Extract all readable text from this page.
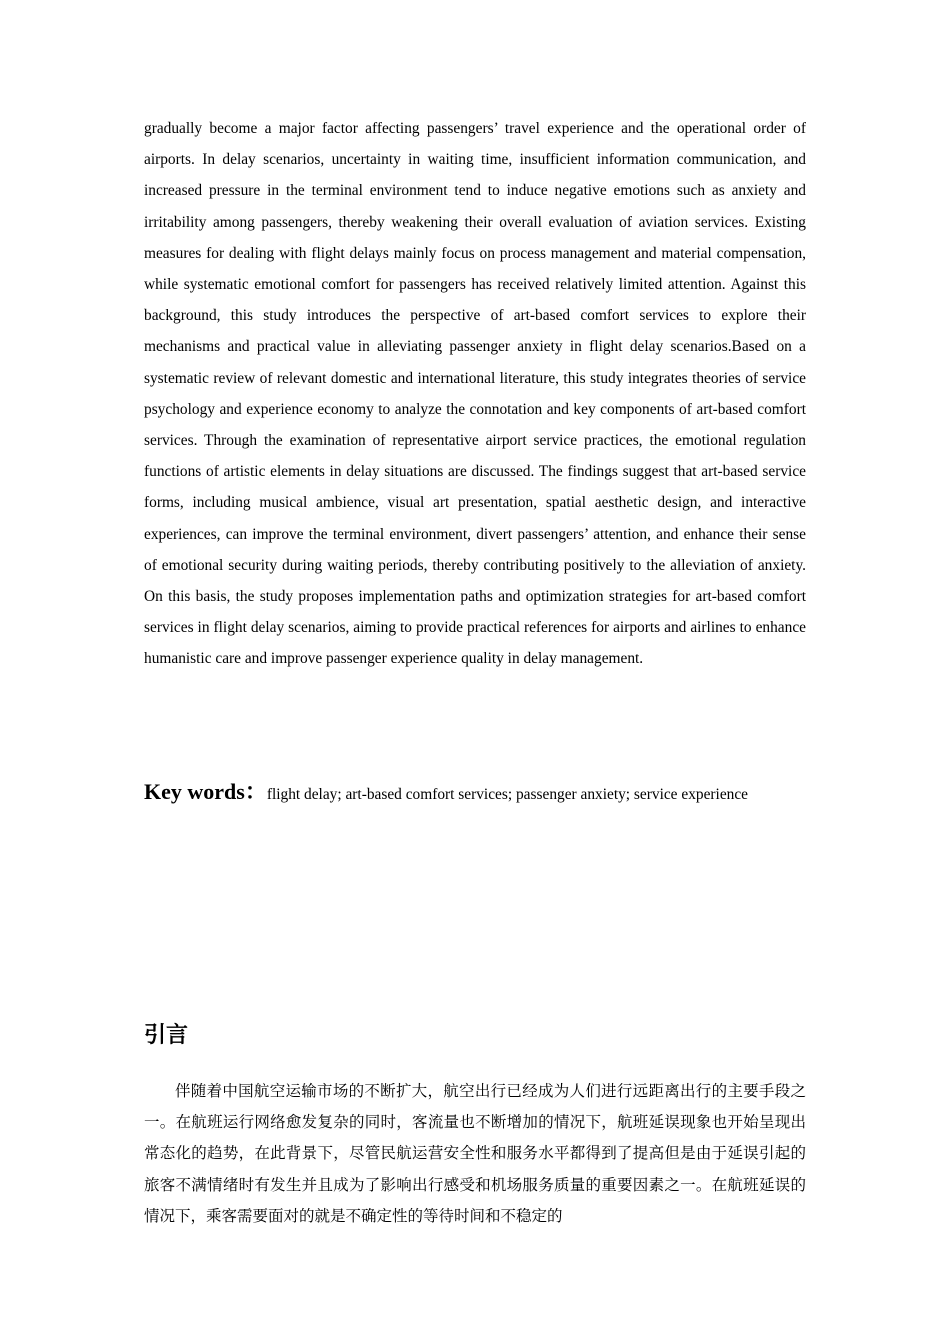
gradually become a major factor affecting passengers’ travel experience and the operational order of airports. In delay scenarios, uncertainty in waiting time, insufficient information communication, and increased pressure in the terminal environment tend to induce negative emotions such as anxiety and irritability among passengers, thereby weakening their overall evaluation of aviation services. Existing measures for dealing with flight delays mainly focus on process management and material compensation, while systematic emotional comfort for passengers has received relatively limited attention. Against this background, this study introduces the perspective of art-based comfort services to explore their mechanisms and practical value in alleviating passenger anxiety in flight delay scenarios.Based on a systematic review of relevant domestic and international literature, this study integrates theories of service psychology and experience economy to analyze the connotation and key components of art-based comfort services. Through the examination of representative airport service practices, the emotional regulation functions of artistic elements in delay situations are discussed. The findings suggest that art-based service forms, including musical ambience, visual art presentation, spatial aesthetic design, and interactive experiences, can improve the terminal environment, divert passengers’ attention, and enhance their sense of emotional security during waiting periods, thereby contributing positively to the alleviation of anxiety. On this basis, the study proposes implementation paths and optimization strategies for art-based comfort services in flight delay scenarios, aiming to provide practical references for airports and airlines to enhance humanistic care and improve passenger experience quality in delay management.

Key words：flight delay; art-based comfort services; passenger anxiety; service experience

引言

伴随着中国航空运输市场的不断扩大，航空出行已经成为人们进行远距离出行的主要手段之一。在航班运行网络愈发复杂的同时，客流量也不断增加的情况下，航班延误现象也开始呈现出常态化的趋势，在此背景下，尽管民航运营安全性和服务水平都得到了提高但是由于延误引起的旅客不满情绪时有发生并且成为了影响出行感受和机场服务质量的重要因素之一。在航班延误的情况下，乘客需要面对的就是不确定性的等待时间和不稳定的
